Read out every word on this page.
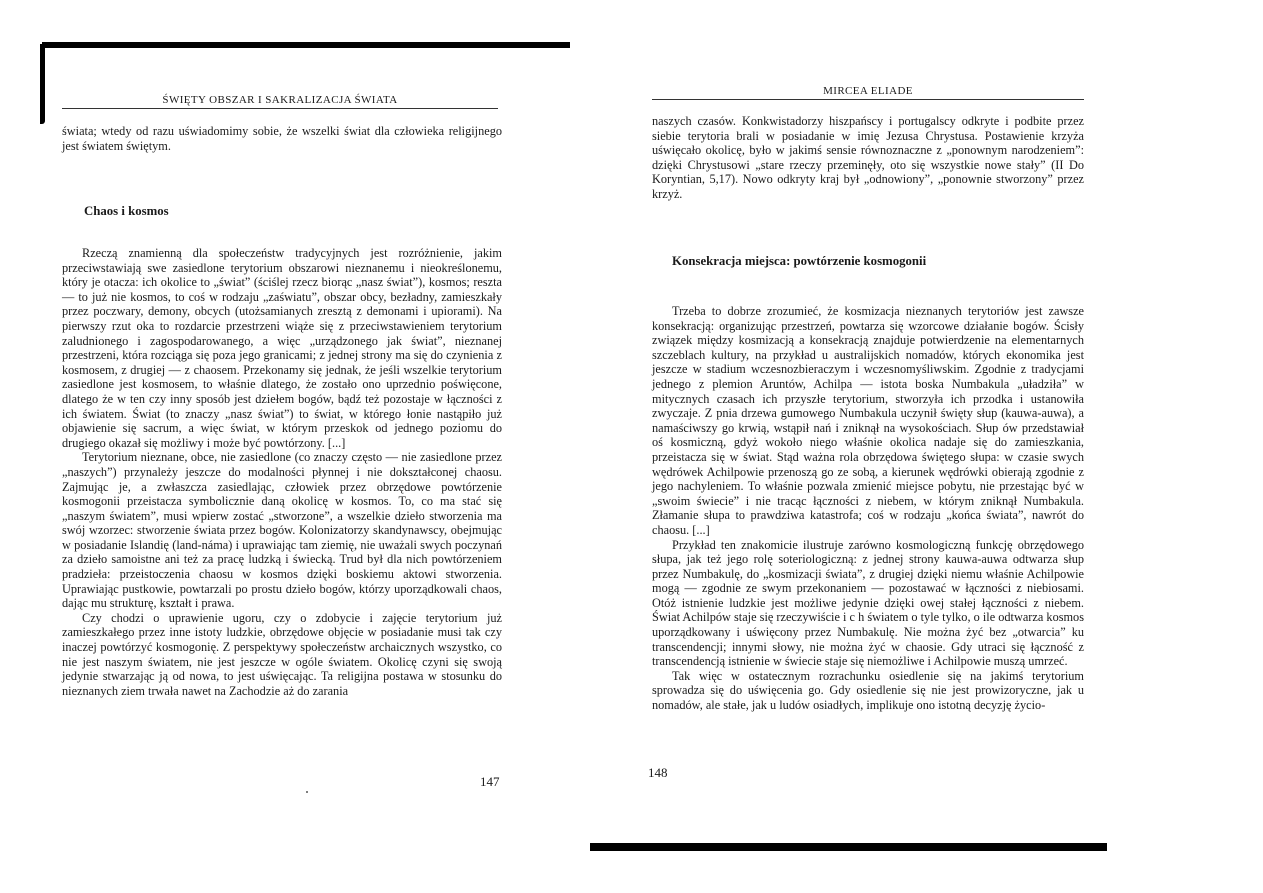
ŚWIĘTY OBSZAR I SAKRALIZACJA ŚWIATA

świata; wtedy od razu uświadomimy sobie, że wszelki świat dla człowieka religijnego jest światem świętym.

Chaos i kosmos

Rzeczą znamienną dla społeczeństw tradycyjnych jest rozróżnienie, jakim przeciwstawiają swe zasiedlone terytorium obszarowi nieznanemu i nieokreślonemu, który je otacza: ich okolice to „świat” (ściślej rzecz biorąc „nasz świat”), kosmos; reszta — to już nie kosmos, to coś w rodzaju „zaświatu”, obszar obcy, bezładny, zamieszkały przez poczwary, demony, obcych (utożsamianych zresztą z demonami i upiorami). Na pierwszy rzut oka to rozdarcie przestrzeni wiąże się z przeciwstawieniem terytorium zaludnionego i zagospodarowanego, a więc „urządzonego jak świat”, nieznanej przestrzeni, która rozciąga się poza jego granicami; z jednej strony ma się do czynienia z kosmosem, z drugiej — z chaosem. Przekonamy się jednak, że jeśli wszelkie terytorium zasiedlone jest kosmosem, to właśnie dlatego, że zostało ono uprzednio poświęcone, dlatego że w ten czy inny sposób jest dziełem bogów, bądź też pozostaje w łączności z ich światem. Świat (to znaczy „nasz świat”) to świat, w którego łonie nastąpiło już objawienie się sacrum, a więc świat, w którym przeskok od jednego poziomu do drugiego okazał się możliwy i może być powtórzony. [...]

Terytorium nieznane, obce, nie zasiedlone (co znaczy często — nie zasiedlone przez „naszych”) przynależy jeszcze do modalności płynnej i nie dokształconej chaosu. Zajmując je, a zwłaszcza zasiedlając, człowiek przez obrzędowe powtórzenie kosmogonii przeistacza symbolicznie daną okolicę w kosmos. To, co ma stać się „naszym światem”, musi wpierw zostać „stworzone”, a wszelkie dzieło stworzenia ma swój wzorzec: stworzenie świata przez bogów. Kolonizatorzy skandynawscy, obejmując w posiadanie Islandię (land-náma) i uprawiając tam ziemię, nie uważali swych poczynań za dzieło samoistne ani też za pracę ludzką i świecką. Trud był dla nich powtórzeniem pradzieła: przeistoczenia chaosu w kosmos dzięki boskiemu aktowi stworzenia. Uprawiając pustkowie, powtarzali po prostu dzieło bogów, którzy uporządkowali chaos, dając mu strukturę, kształt i prawa.

Czy chodzi o uprawienie ugoru, czy o zdobycie i zajęcie terytorium już zamieszkałego przez inne istoty ludzkie, obrzędowe objęcie w posiadanie musi tak czy inaczej powtórzyć kosmogonię. Z perspektywy społeczeństw archaicznych wszystko, co nie jest naszym światem, nie jest jeszcze w ogóle światem. Okolicę czyni się swoją jedynie stwarzając ją od nowa, to jest uświęcając. Ta religijna postawa w stosunku do nieznanych ziem trwała nawet na Zachodzie aż do zarania

147
MIRCEA ELIADE

naszych czasów. Konkwistadorzy hiszpańscy i portugalscy odkryte i podbite przez siebie terytoria brali w posiadanie w imię Jezusa Chrystusa. Postawienie krzyża uświęcało okolicę, było w jakimś sensie równoznaczne z „ponownym narodzeniem”: dzięki Chrystusowi „stare rzeczy przeminęły, oto się wszystkie nowe stały” (II Do Koryntian, 5,17). Nowo odkryty kraj był „odnowiony”, „ponownie stworzony” przez krzyż.

Konsekracja miejsca: powtórzenie kosmogonii

Trzeba to dobrze zrozumieć, że kosmizacja nieznanych terytoriów jest zawsze konsekracją: organizując przestrzeń, powtarza się wzorcowe działanie bogów. Ścisły związek między kosmizacją a konsekracją znajduje potwierdzenie na elementarnych szczeblach kultury, na przykład u australijskich nomadów, których ekonomika jest jeszcze w stadium wczesnozbieraczym i wczesnomyśliwskim. Zgodnie z tradycjami jednego z plemion Aruntów, Achilpa — istota boska Numbakula „uładziła” w mitycznych czasach ich przyszłe terytorium, stworzyła ich przodka i ustanowiła zwyczaje. Z pnia drzewa gumowego Numbakula uczynił święty słup (kauwa-auwa), a namaściwszy go krwią, wstąpił nań i zniknął na wysokościach. Słup ów przedstawiał oś kosmiczną, gdyż wokoło niego właśnie okolica nadaje się do zamieszkania, przeistacza się w świat. Stąd ważna rola obrzędowa świętego słupa: w czasie swych wędrówek Achilpowie przenoszą go ze sobą, a kierunek wędrówki obierają zgodnie z jego nachyleniem. To właśnie pozwala zmienić miejsce pobytu, nie przestając być w „swoim świecie” i nie tracąc łączności z niebem, w którym zniknął Numbakula. Złamanie słupa to prawdziwa katastrofa; coś w rodzaju „końca świata”, nawrót do chaosu. [...]

Przykład ten znakomicie ilustruje zarówno kosmologiczną funkcję obrzędowego słupa, jak też jego rolę soteriologiczną: z jednej strony kauwa-auwa odtwarza słup przez Numbakulę, do „kosmizacji świata”, z drugiej dzięki niemu właśnie Achilpowie mogą — zgodnie ze swym przekonaniem — pozostawać w łączności z niebiosami. Otóż istnienie ludzkie jest możliwe jedynie dzięki owej stałej łączności z niebem. Świat Achilpów staje się rzeczywiście i c h światem o tyle tylko, o ile odtwarza kosmos uporządkowany i uświęcony przez Numbakulę. Nie można żyć bez „otwarcia” ku transcendencji; innymi słowy, nie można żyć w chaosie. Gdy utraci się łączność z transcendencją istnienie w świecie staje się niemożliwe i Achilpowie muszą umrzeć.

Tak więc w ostatecznym rozrachunku osiedlenie się na jakimś terytorium sprowadza się do uświęcenia go. Gdy osiedlenie się nie jest prowizoryczne, jak u nomadów, ale stałe, jak u ludów osiadłych, implikuje ono istotną decyzję życio-

148
